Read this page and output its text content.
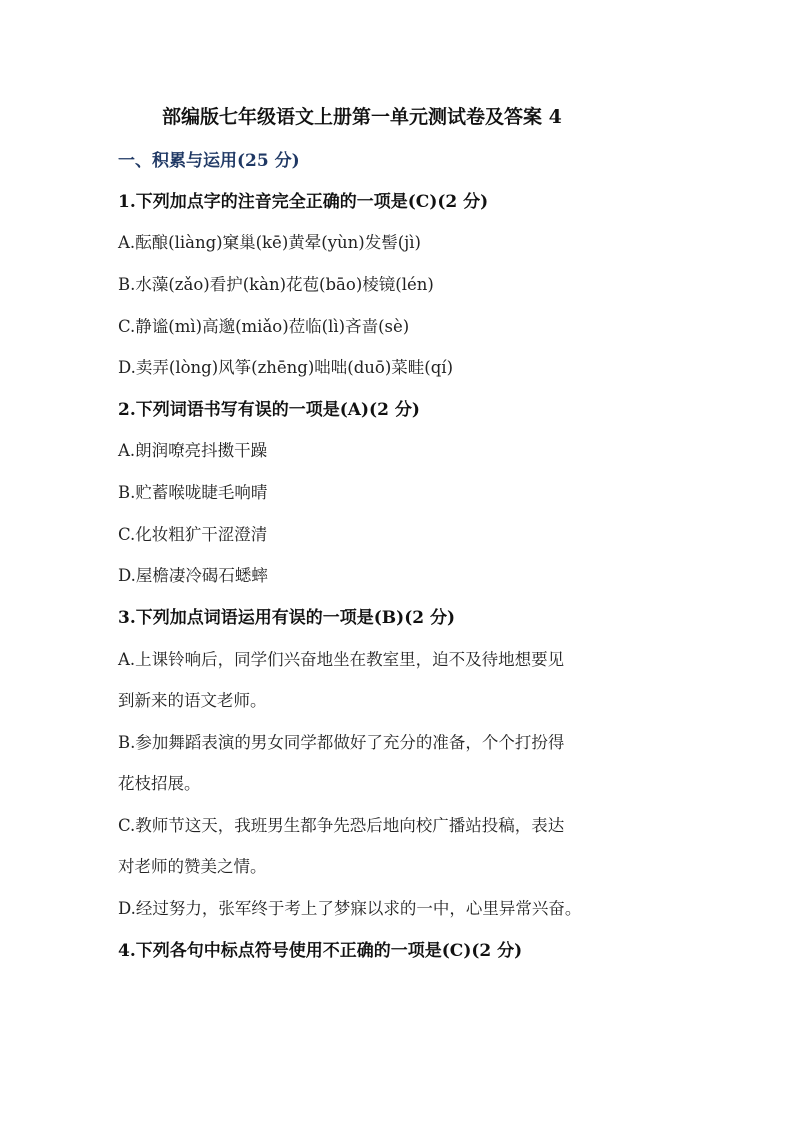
部编版七年级语文上册第一单元测试卷及答案 4
一、积累与运用(25 分)
1.下列加点字的注音完全正确的一项是(C)(2 分)
A.酝酿(liàng)窠巢(kē)黄晕(yùn)发髻(jì)
B.水藻(zǎo)看护(kàn)花苞(bāo)棱镜(lén)
C.静谧(mì)高邈(miǎo)莅临(lì)吝啬(sè)
D.卖弄(lòng)风筝(zhēng)咄咄(duō)菜畦(qí)
2.下列词语书写有误的一项是(A)(2 分)
A.朗润嘹亮抖擞干躁
B.贮蓄喉咙睫毛响晴
C.化妆粗犷干涩澄清
D.屋檐凄冷碣石蟋蟀
3.下列加点词语运用有误的一项是(B)(2 分)
A.上课铃响后，同学们兴奋地坐在教室里，迫不及待地想要见
到新来的语文老师。
B.参加舞蹈表演的男女同学都做好了充分的准备，个个打扮得
花枝招展。
C.教师节这天，我班男生都争先恐后地向校广播站投稿，表达
对老师的赞美之情。
D.经过努力，张军终于考上了梦寐以求的一中，心里异常兴奋。
4.下列各句中标点符号使用不正确的一项是(C)(2 分)
